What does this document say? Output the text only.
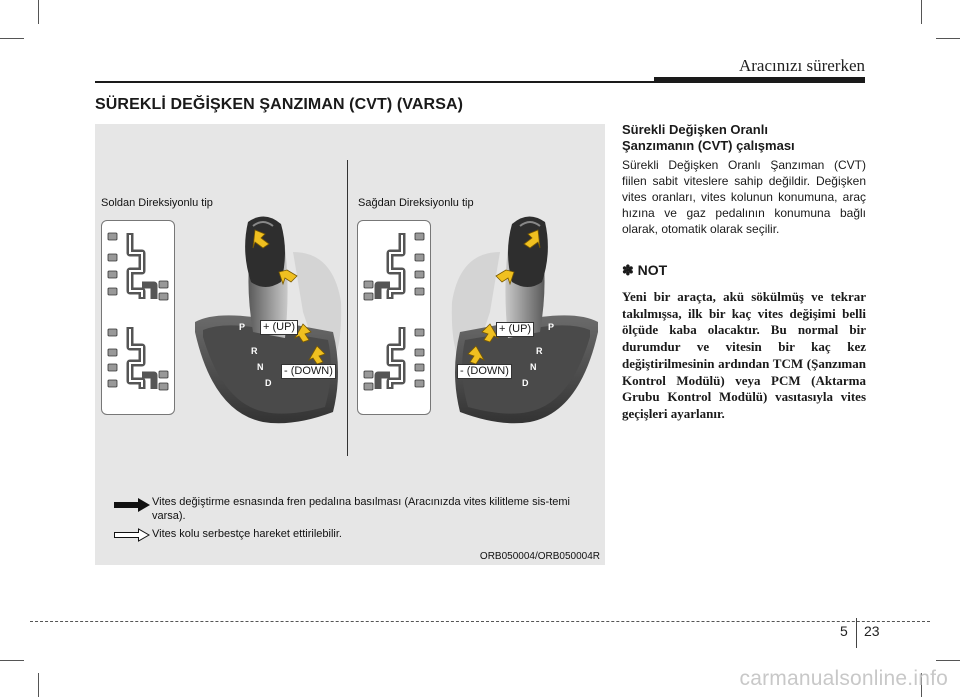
Aracınızı sürerken
SÜREKLİ DEĞİŞKEN ŞANZIMAN (CVT) (VARSA)
Soldan Direksiyonlu tip	Sağdan Direksiyonlu tip
P
R
N
D
+ (UP)
- (DOWN)
P
R
N
D
+ (UP)
- (DOWN)
Vites değiştirme esnasında fren pedalına basılması (Aracınızda vites kilitleme sis-temi varsa).
Vites kolu serbestçe hareket ettirilebilir.
ORB050004/ORB050004R
Sürekli Değişken Oranlı
Şanzımanın (CVT) çalışması
Sürekli Değişken Oranlı Şanzıman (CVT) fiilen sabit viteslere sahip değildir. Değişken vites oranları, vites kolunun konumuna, araç hızına ve gaz pedalının konumuna bağlı olarak, otomatik olarak seçilir.
✽ NOT
Yeni bir araçta, akü sökülmüş ve tekrar takılmışsa, ilk bir kaç vites değişimi belli ölçüde kaba olacaktır. Bu normal bir durumdur ve vitesin bir kaç kez değiştirilmesinin ardından TCM (Şanzıman Kontrol Modülü) veya PCM (Aktarma Grubu Kontrol Modülü) vasıtasıyla vites geçişleri ayarlanır.
5 23
carmanualsonline.info
